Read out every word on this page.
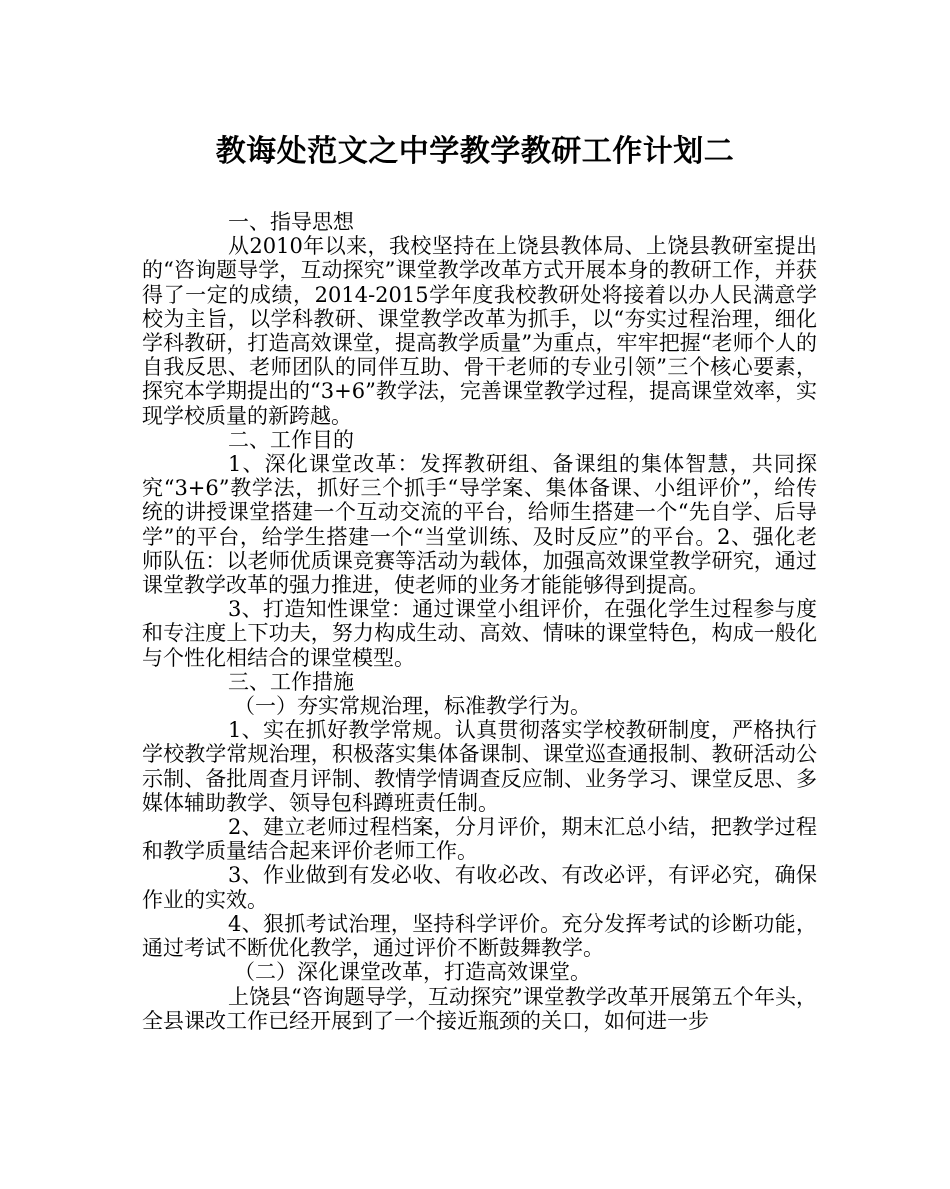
教诲处范文之中学教学教研工作计划二

一、指导思想

从2010年以来，我校坚持在上饶县教体局、上饶县教研室提出的“咨询题导学，互动探究”课堂教学改革方式开展本身的教研工作，并获得了一定的成绩，2014-2015学年度我校教研处将接着以办人民满意学校为主旨，以学科教研、课堂教学改革为抓手，以“夯实过程治理，细化学科教研，打造高效课堂，提高教学质量”为重点，牢牢把握“老师个人的自我反思、老师团队的同伴互助、骨干老师的专业引领”三个核心要素，探究本学期提出的“3+6”教学法，完善课堂教学过程，提高课堂效率，实现学校质量的新跨越。

二、工作目的

1、深化课堂改革：发挥教研组、备课组的集体智慧，共同探究“3+6”教学法，抓好三个抓手“导学案、集体备课、小组评价”，给传统的讲授课堂搭建一个互动交流的平台，给师生搭建一个“先自学、后导学”的平台，给学生搭建一个“当堂训练、及时反应”的平台。2、强化老师队伍：以老师优质课竞赛等活动为载体，加强高效课堂教学研究，通过课堂教学改革的强力推进，使老师的业务才能能够得到提高。

3、打造知性课堂：通过课堂小组评价，在强化学生过程参与度和专注度上下功夫，努力构成生动、高效、情味的课堂特色，构成一般化与个性化相结合的课堂模型。

三、工作措施

（一）夯实常规治理，标准教学行为。

1、实在抓好教学常规。认真贯彻落实学校教研制度，严格执行学校教学常规治理，积极落实集体备课制、课堂巡查通报制、教研活动公示制、备批周查月评制、教情学情调查反应制、业务学习、课堂反思、多媒体辅助教学、领导包科蹲班责任制。

2、建立老师过程档案，分月评价，期末汇总小结，把教学过程和教学质量结合起来评价老师工作。

3、作业做到有发必收、有收必改、有改必评，有评必究，确保作业的实效。

4、狠抓考试治理，坚持科学评价。充分发挥考试的诊断功能，通过考试不断优化教学，通过评价不断鼓舞教学。

（二）深化课堂改革，打造高效课堂。

上饶县“咨询题导学，互动探究”课堂教学改革开展第五个年头，全县课改工作已经开展到了一个接近瓶颈的关口，如何进一步
